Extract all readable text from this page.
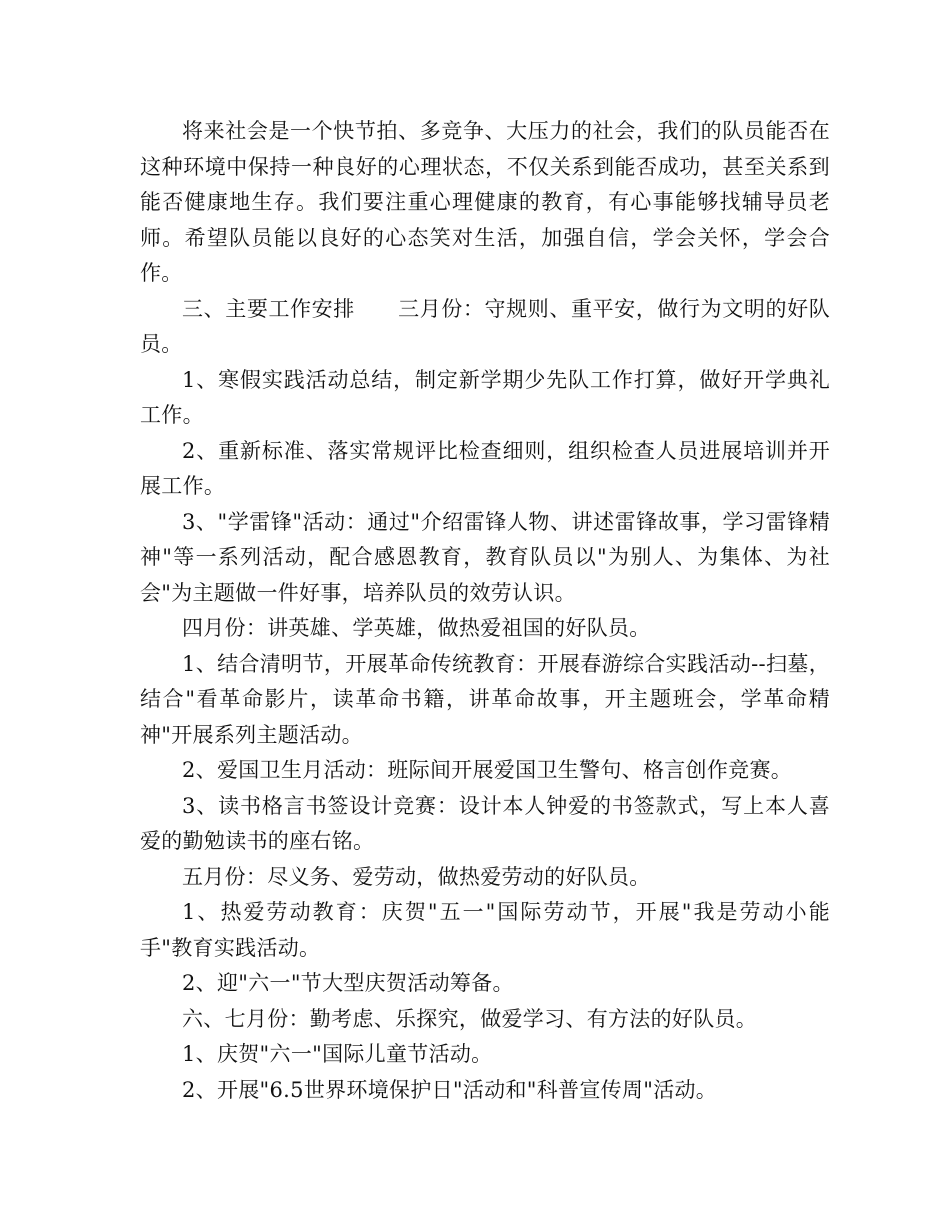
将来社会是一个快节拍、多竞争、大压力的社会，我们的队员能否在这种环境中保持一种良好的心理状态，不仅关系到能否成功，甚至关系到能否健康地生存。我们要注重心理健康的教育，有心事能够找辅导员老师。希望队员能以良好的心态笑对生活，加强自信，学会关怀，学会合作。

三、主要工作安排　　三月份：守规则、重平安，做行为文明的好队员。

1、寒假实践活动总结，制定新学期少先队工作打算，做好开学典礼工作。

2、重新标准、落实常规评比检查细则，组织检查人员进展培训并开展工作。

3、"学雷锋"活动：通过"介绍雷锋人物、讲述雷锋故事，学习雷锋精神"等一系列活动，配合感恩教育，教育队员以"为别人、为集体、为社会"为主题做一件好事，培养队员的效劳认识。

四月份：讲英雄、学英雄，做热爱祖国的好队员。

1、结合清明节，开展革命传统教育：开展春游综合实践活动--扫墓，结合"看革命影片，读革命书籍，讲革命故事，开主题班会，学革命精神"开展系列主题活动。

2、爱国卫生月活动：班际间开展爱国卫生警句、格言创作竞赛。

3、读书格言书签设计竞赛：设计本人钟爱的书签款式，写上本人喜爱的勤勉读书的座右铭。

五月份：尽义务、爱劳动，做热爱劳动的好队员。

1、热爱劳动教育：庆贺"五一"国际劳动节，开展"我是劳动小能手"教育实践活动。

2、迎"六一"节大型庆贺活动筹备。

六、七月份：勤考虑、乐探究，做爱学习、有方法的好队员。

1、庆贺"六一"国际儿童节活动。

2、开展"6.5世界环境保护日"活动和"科普宣传周"活动。
